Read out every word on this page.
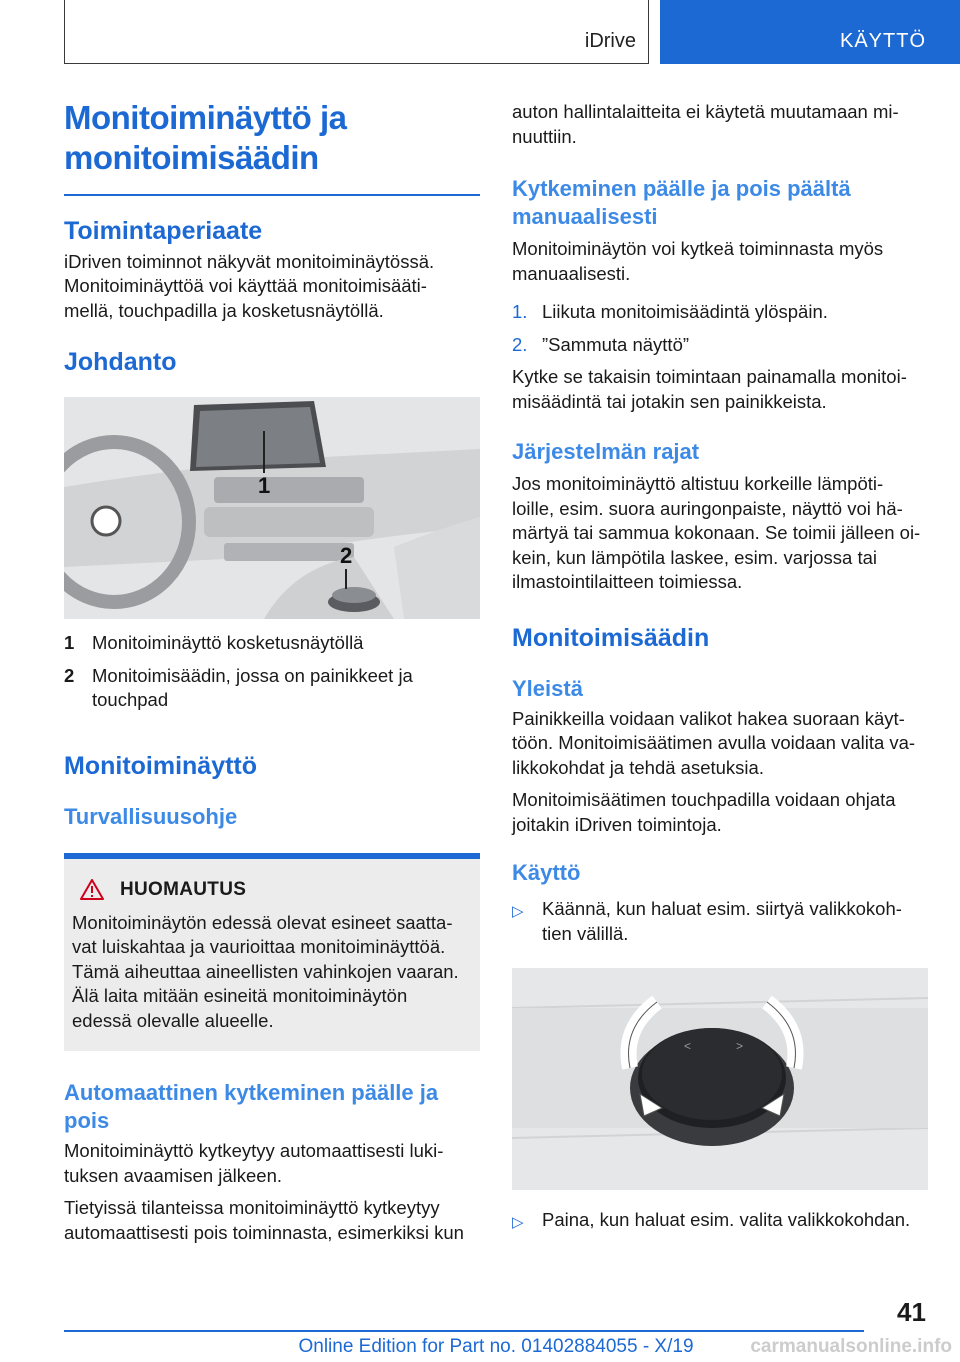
iDrive	KÄYTTÖ
Monitoiminäyttö ja
monitoimisäädin
Toimintaperiaate
iDriven toiminnot näkyvät monitoiminäytössä.
Monitoiminäyttöä voi käyttää monitoimisääti-
mellä, touchpadilla ja kosketusnäytöllä.
Johdanto
1
2
1 Monitoiminäyttö kosketusnäytöllä
2 Monitoimisäädin, jossa on painikkeet ja
touchpad
Monitoiminäyttö
Turvallisuusohje
HUOMAUTUS
Monitoiminäytön edessä olevat esineet saatta-
vat luiskahtaa ja vaurioittaa monitoiminäyttöä.
Tämä aiheuttaa aineellisten vahinkojen vaaran.
Älä laita mitään esineitä monitoiminäytön
edessä olevalle alueelle.
Automaattinen kytkeminen päälle ja
pois
Monitoiminäyttö kytkeytyy automaattisesti luki-
tuksen avaamisen jälkeen.
Tietyissä tilanteissa monitoiminäyttö kytkeytyy
automaattisesti pois toiminnasta, esimerkiksi kun
auton hallintalaitteita ei käytetä muutamaan mi-
nuuttiin.
Kytkeminen päälle ja pois päältä
manuaalisesti
Monitoiminäytön voi kytkeä toiminnasta myös
manuaalisesti.
1. Liikuta monitoimisäädintä ylöspäin.
2. ”Sammuta näyttö”
Kytke se takaisin toimintaan painamalla monitoi-
misäädintä tai jotakin sen painikkeista.
Järjestelmän rajat
Jos monitoiminäyttö altistuu korkeille lämpöti-
loille, esim. suora auringonpaiste, näyttö voi hä-
märtyä tai sammua kokonaan. Se toimii jälleen oi-
kein, kun lämpötila laskee, esim. varjossa tai
ilmastointilaitteen toimiessa.
Monitoimisäädin
Yleistä
Painikkeilla voidaan valikot hakea suoraan käyt-
töön. Monitoimisäätimen avulla voidaan valita va-
likkokohdat ja tehdä asetuksia.
Monitoimisäätimen touchpadilla voidaan ohjata
joitakin iDriven toimintoja.
Käyttö
▷ Käännä, kun haluat esim. siirtyä valikkokoh-
tien välillä.
<	>
▷ Paina, kun haluat esim. valita valikkokohdan.
41
Online Edition for Part no. 01402884055 - X/19	carmanualsonline.info
